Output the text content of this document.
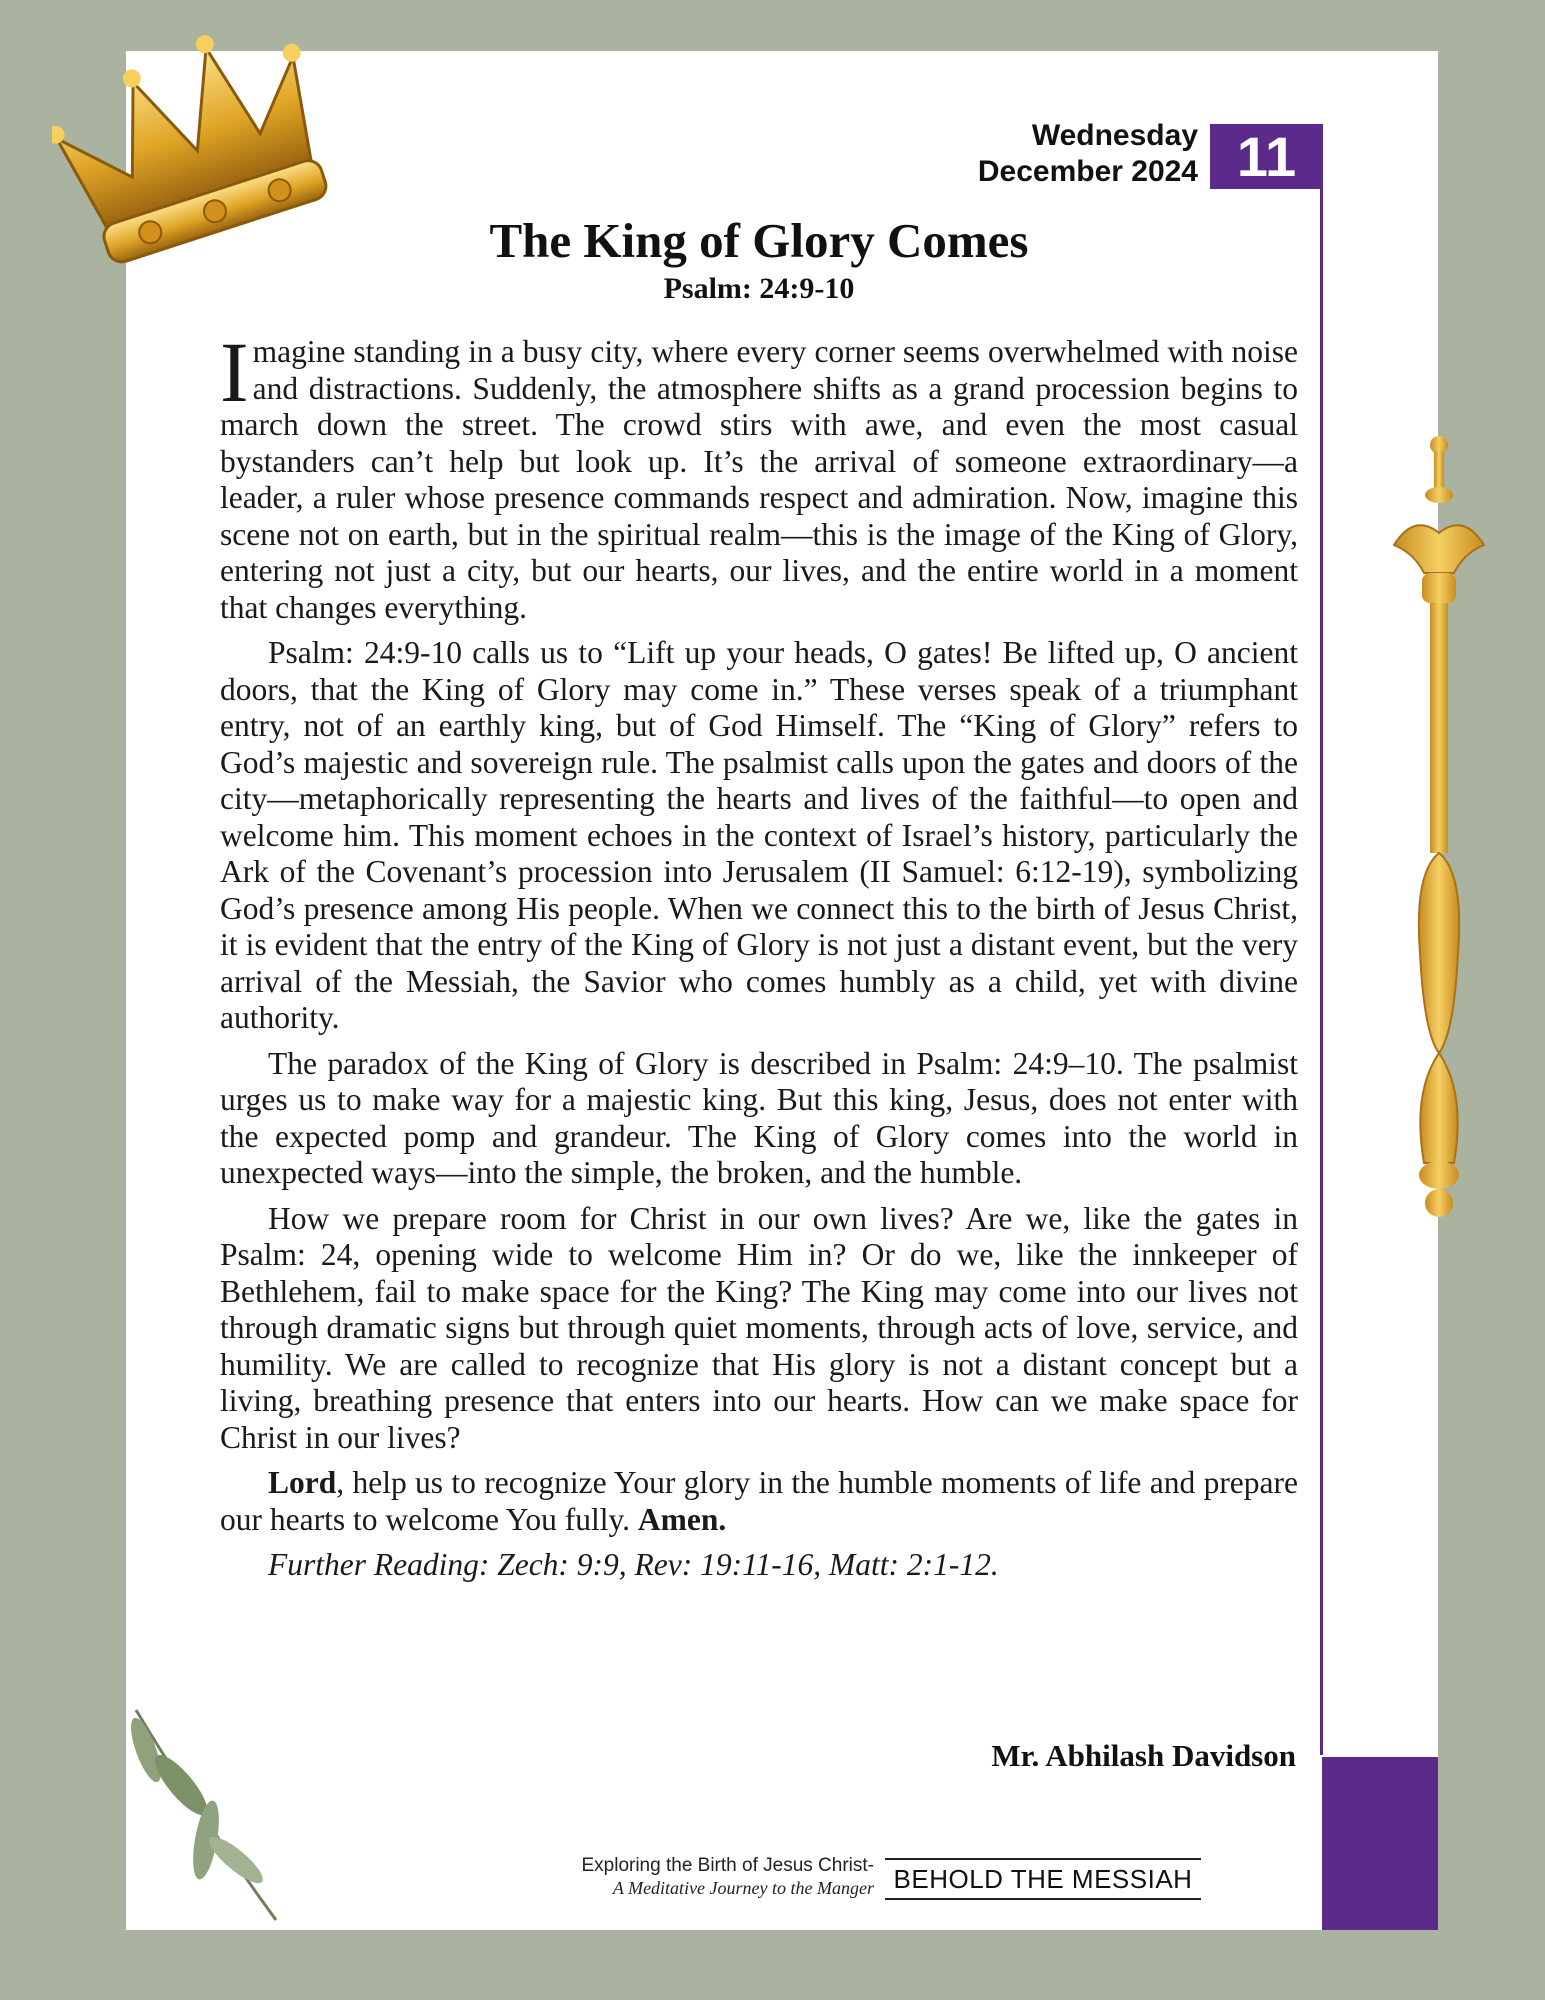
11
Wednesday
December 2024
The King of Glory Comes
Psalm: 24:9-10

Imagine standing in a busy city, where every corner seems overwhelmed with noise and distractions. Suddenly, the atmosphere shifts as a grand procession begins to march down the street. The crowd stirs with awe, and even the most casual bystanders can’t help but look up. It’s the arrival of someone extraordinary—a leader, a ruler whose presence commands respect and admiration. Now, imagine this scene not on earth, but in the spiritual realm—this is the image of the King of Glory, entering not just a city, but our hearts, our lives, and the entire world in a moment that changes everything.

Psalm: 24:9-10 calls us to “Lift up your heads, O gates! Be lifted up, O ancient doors, that the King of Glory may come in.” These verses speak of a triumphant entry, not of an earthly king, but of God Himself. The “King of Glory” refers to God’s majestic and sovereign rule. The psalmist calls upon the gates and doors of the city—metaphorically representing the hearts and lives of the faithful—to open and welcome him. This moment echoes in the context of Israel’s history, particularly the Ark of the Covenant’s procession into Jerusalem (II Samuel: 6:12-19), symbolizing God’s presence among His people. When we connect this to the birth of Jesus Christ, it is evident that the entry of the King of Glory is not just a distant event, but the very arrival of the Messiah, the Savior who comes humbly as a child, yet with divine authority.

The paradox of the King of Glory is described in Psalm: 24:9–10. The psalmist urges us to make way for a majestic king. But this king, Jesus, does not enter with the expected pomp and grandeur. The King of Glory comes into the world in unexpected ways—into the simple, the broken, and the humble.

How we prepare room for Christ in our own lives? Are we, like the gates in Psalm: 24, opening wide to welcome Him in? Or do we, like the innkeeper of Bethlehem, fail to make space for the King? The King may come into our lives not through dramatic signs but through quiet moments, through acts of love, service, and humility. We are called to recognize that His glory is not a distant concept but a living, breathing presence that enters into our hearts. How can we make space for Christ in our lives?

Lord, help us to recognize Your glory in the humble moments of life and prepare our hearts to welcome You fully. Amen.

Further Reading: Zech: 9:9, Rev: 19:11-16, Matt: 2:1-12.

Mr. Abhilash Davidson
Exploring the Birth of Jesus Christ-
A Meditative Journey to the Manger BEHOLD THE MESSIAH	15
